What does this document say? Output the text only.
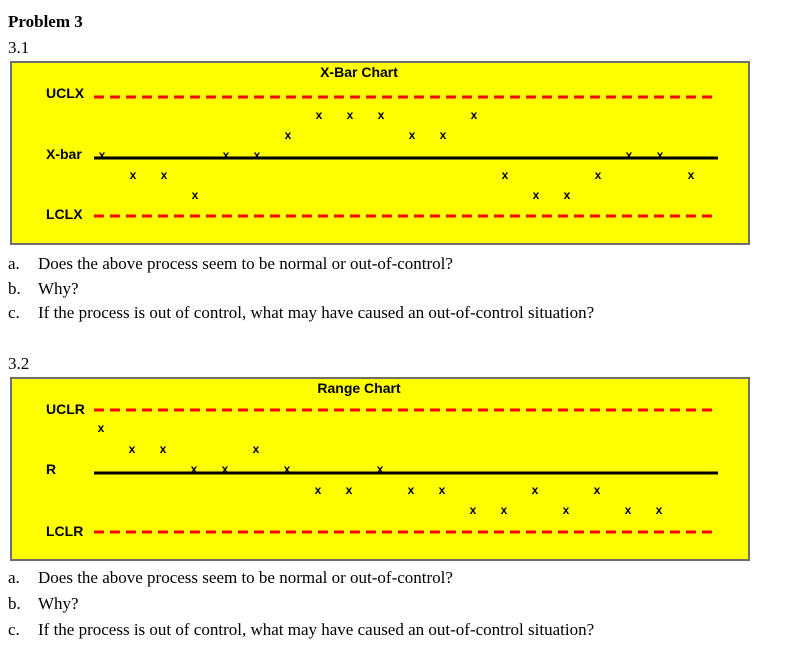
Problem 3
3.1
X-Bar Chart
UCLX
X-bar
LCLX
x
x x
x
x x
x
x x x
x x
x
x
x x
x
x x
x
a. Does the above process seem to be normal or out-of-control?
b. Why?
c. If the process is out of control, what may have caused an out-of-control situation?
3.2
Range Chart
UCLR
R
LCLR
x
x x
x x
x
x
x x
x
x x
x x
x
x
x
x x
a. Does the above process seem to be normal or out-of-control?
b. Why?
c. If the process is out of control, what may have caused an out-of-control situation?
